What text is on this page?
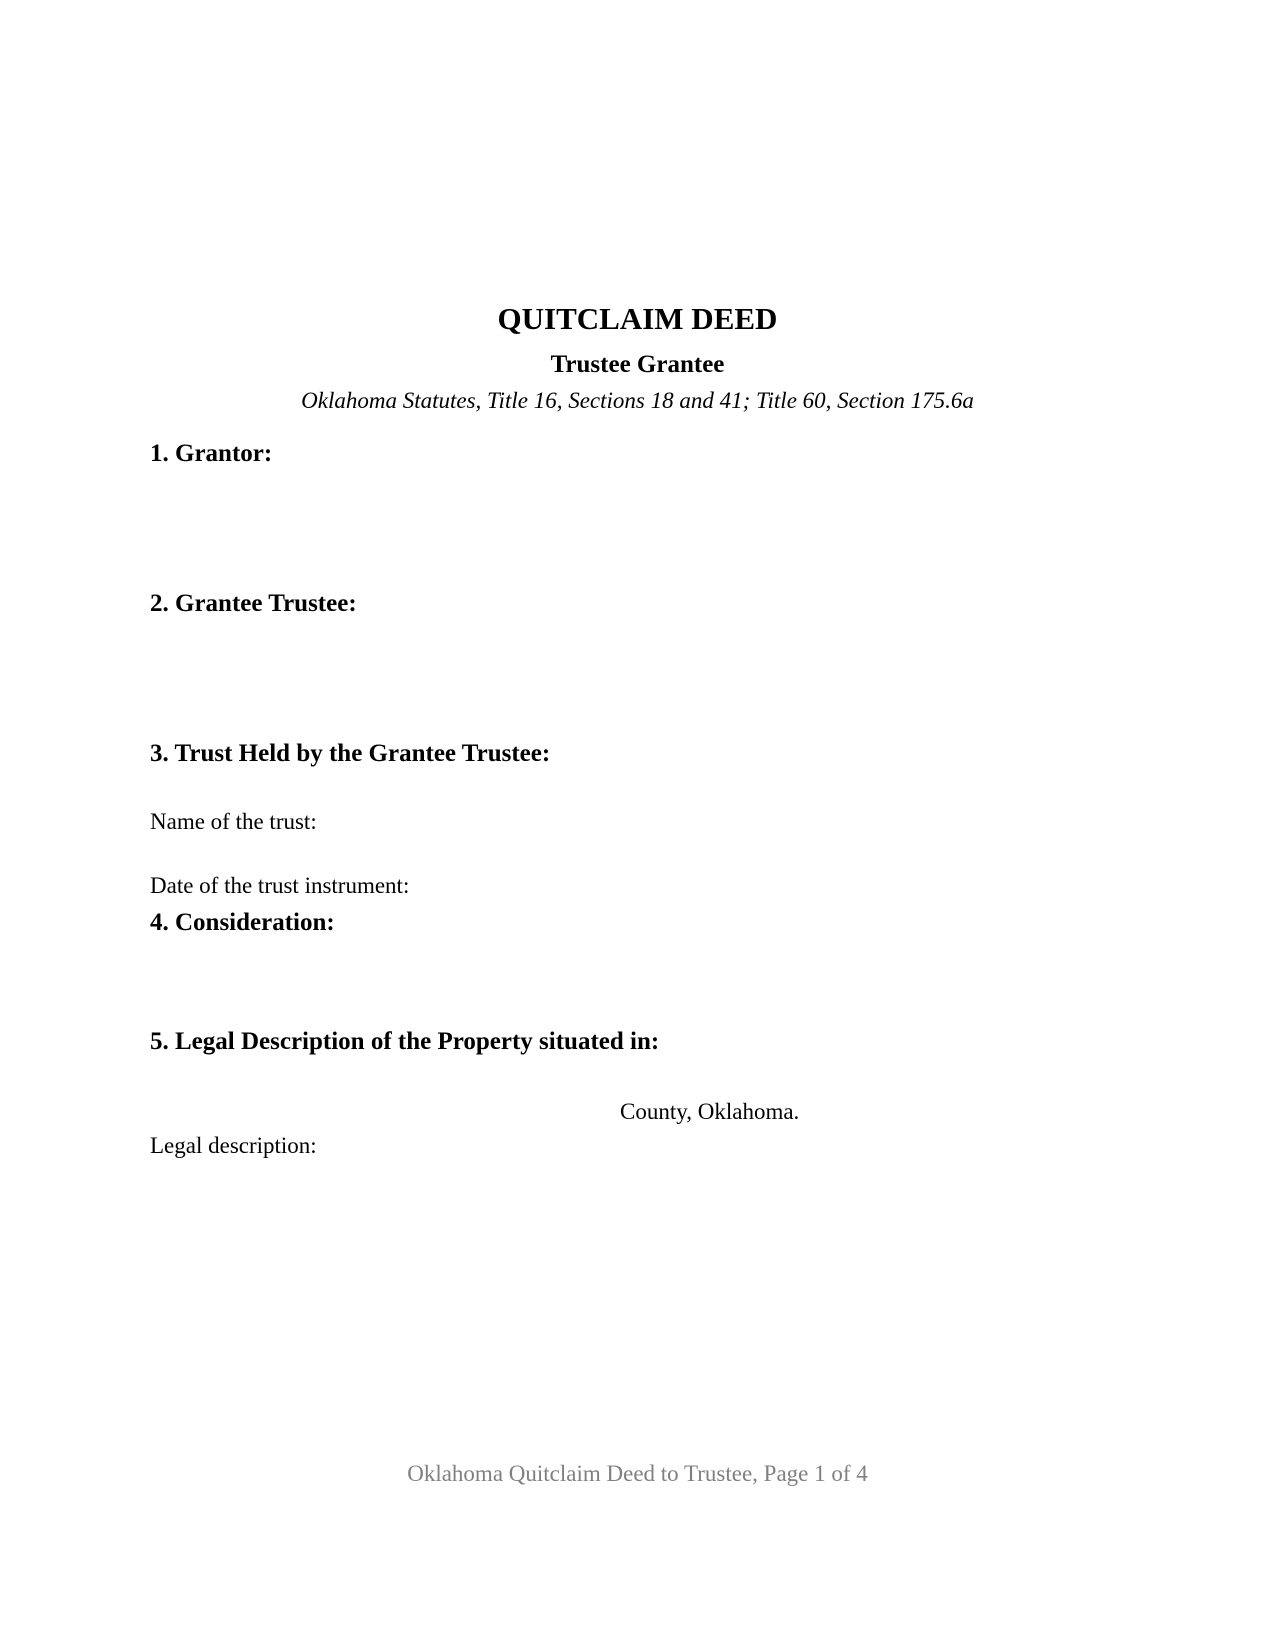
QUITCLAIM DEED
Trustee Grantee
Oklahoma Statutes, Title 16, Sections 18 and 41; Title 60, Section 175.6a
1. Grantor:
2. Grantee Trustee:
3. Trust Held by the Grantee Trustee:
Name of the trust:
Date of the trust instrument:
4. Consideration:
5. Legal Description of the Property situated in:
County, Oklahoma.
Legal description:
Oklahoma Quitclaim Deed to Trustee, Page 1 of 4
